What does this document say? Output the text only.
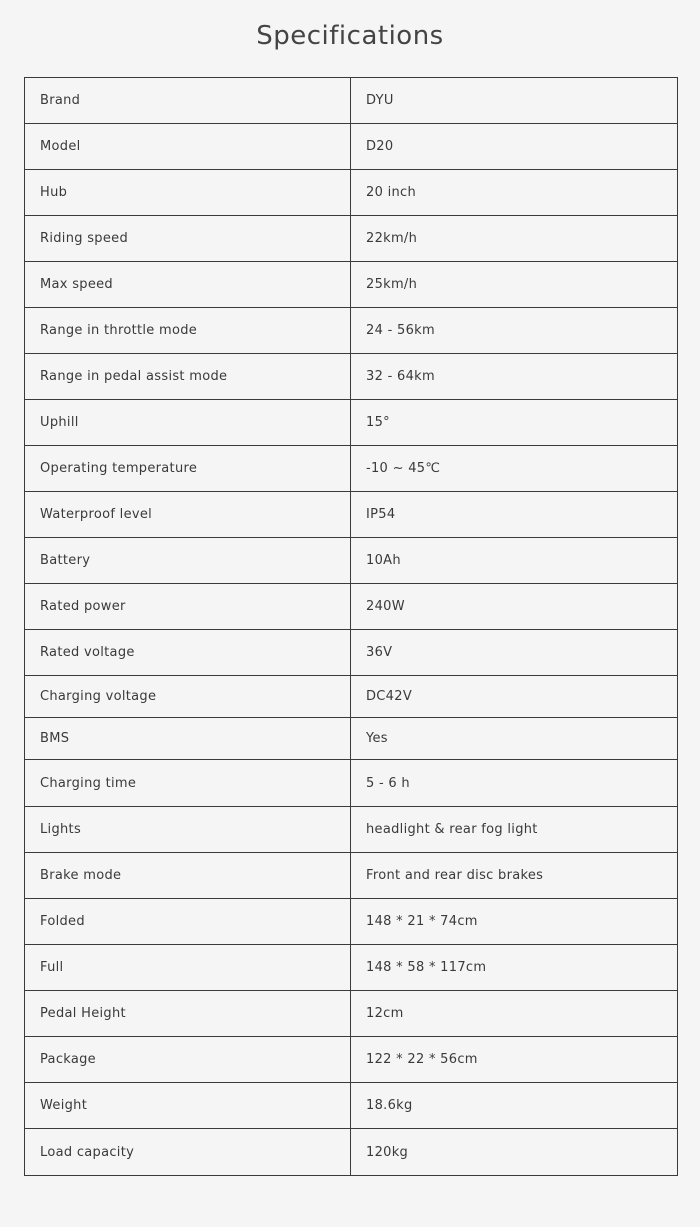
Specifications
Brand	DYU
Model	D20
Hub	20 inch
Riding speed	22km/h
Max speed	25km/h
Range in throttle mode	24 - 56km
Range in pedal assist mode	32 - 64km
Uphill	15°
Operating temperature	-10 ~ 45℃
Waterproof level	IP54
Battery	10Ah
Rated power	240W
Rated voltage	36V
Charging voltage	DC42V
BMS	Yes
Charging time	5 - 6 h
Lights	headlight & rear fog light
Brake mode	Front and rear disc brakes
Folded	148 * 21 * 74cm
Full	148 * 58 * 117cm
Pedal Height	12cm
Package	122 * 22 * 56cm
Weight	18.6kg
Load capacity	120kg
